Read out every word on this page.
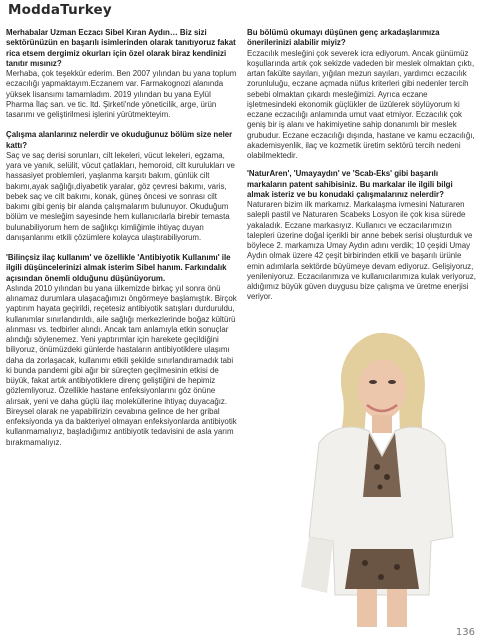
ModdaTurkey

Merhabalar Uzman Eczacı Sibel Kıran Aydın… Biz sizi sektörünüzün en başarılı isimlerinden olarak tanıtıyoruz fakat rica etsem dergimiz okurları için özel olarak biraz kendinizi tanıtır mısınız?

Merhaba, çok teşekkür ederim. Ben 2007 yılından bu yana toplum eczacılığı yapmaktayım.Eczanem var. Farmakognozi alanında yüksek lisansımı tamamladım. 2019 yılından bu yana Eylül Pharma İlaç san. ve tic. ltd. Şirketi'nde yöneticilik, arge, ürün tasarımı ve geliştirilmesi işlerini yürütmekteyim.

Çalışma alanlarınız nelerdir ve okuduğunuz bölüm size neler kattı?

Saç ve saç derisi sorunları, cilt lekeleri, vücut lekeleri, egzama, yara ve yanık, selülit, vücut çatlakları, hemoroid, cilt kurulukları ve hassasiyet problemleri, yaşlanma karşıtı bakım, günlük cilt bakımı,ayak sağlığı,diyabetik yaralar, göz çevresi bakımı, varis, bebek saç ve cilt bakımı, konak, güneş öncesi ve sonrası cilt bakımı gibi geniş bir alanda çalışmalarım bulunuyor. Okuduğum bölüm ve mesleğim sayesinde hem kullanıcılarla birebir temasta bulunabiliyorum hem de sağlıkçı kimliğimle ihtiyaç duyan danışanlarımı etkili çözümlere kolayca ulaştırabiliyorum.

'Bilinçsiz ilaç kullanım' ve özellikle 'Antibiyotik Kullanımı' ile ilgili düşüncelerinizi almak isterim Sibel hanım. Farkındalık açısından önemli olduğunu düşünüyorum.

Aslında 2010 yılından bu yana ülkemizde birkaç yıl sonra önü alınamaz durumlara ulaşacağımızı öngörmeye başlamıştık. Birçok yaptırım hayata geçirildi, reçetesiz antibiyotik satışları durduruldu, kullanımlar sınırlandırıldı, aile sağlığı merkezlerinde boğaz kültürü alınması vs. tedbirler alındı. Ancak tam anlamıyla etkin sonuçlar alındığı söylenemez. Yeni yaptırımlar için harekete geçildiğini biliyoruz, önümüzdeki günlerde hastaların antibiyotiklere ulaşımı daha da zorlaşacak, kullanımı etkili şekilde sınırlandıramadık tabi ki bunda pandemi gibi ağır bir süreçten geçilmesinin etkisi de büyük, fakat artık antibiyotiklere direnç geliştiğini de hepimiz gözlemliyoruz. Özellikle hastane enfeksiyonlarını göz önüne alırsak, yeni ve daha güçlü ilaç moleküllerine ihtiyaç duyacağız. Bireysel olarak ne yapabilirizin cevabına gelince de her gribal enfeksiyonda ya da bakteriyel olmayan enfeksiyonlarda antibiyotik kullanmamalıyız, başladığımız antibiyotik tedavisini de asla yarım bırakmamalıyız.

Bu bölümü okumayı düşünen genç arkadaşlarımıza önerilerinizi alabilir miyiz?

Eczacılık mesleğini çok severek icra ediyorum. Ancak günümüz koşullarında artık çok sekizde vadeden bir meslek olmaktan çıktı, artan fakülte sayıları, yığılan mezun sayıları, yardımcı eczacılık zorunluluğu, eczane açmada nüfus kriterleri gibi nedenler tercih sebebi olmaktan çıkardı mesleğimizi. Ayrıca eczane işletmesindeki ekonomik güçlükler de üzülerek söylüyorum ki eczane eczacılığı anlamında umut vaat etmiyor. Eczacılık çok geniş bir iş alanı ve hakimiyetine sahip donanımlı bir meslek grubudur. Eczane eczacılığı dışında, hastane ve kamu eczacılığı, akademisyenlik, ilaç ve kozmetik üretim sektörü tercih nedeni olabilmektedir.

'NaturAren', 'Umayaydın' ve 'Scab-Eks' gibi başarılı markaların patent sahibisiniz. Bu markalar ile ilgili bilgi almak isteriz ve bu konudaki çalışmalarınız nelerdir?

Naturaren bizim ilk markamız. Markalaşma ivmesini Naturaren salepli pastil ve Naturaren Scabeks Losyon ile çok kısa sürede yakaladık. Eczane markasıyız. Kullanıcı ve eczacılarımızın talepleri üzerine doğal içerikli bir anne bebek serisi oluşturduk ve böylece 2. markamıza Umay Aydın adını verdik; 10 çeşidi Umay Aydın olmak üzere 42 çeşit birbirinden etkili ve başarılı ürünle emin adımlarla sektörde büyümeye devam ediyoruz. Gelişiyoruz, yenileniyoruz. Eczacılarımıza ve kullanıcılarımıza kulak veriyoruz, aldığımız büyük güven duygusu bize çalışma ve üretme enerjisi veriyor.

136
